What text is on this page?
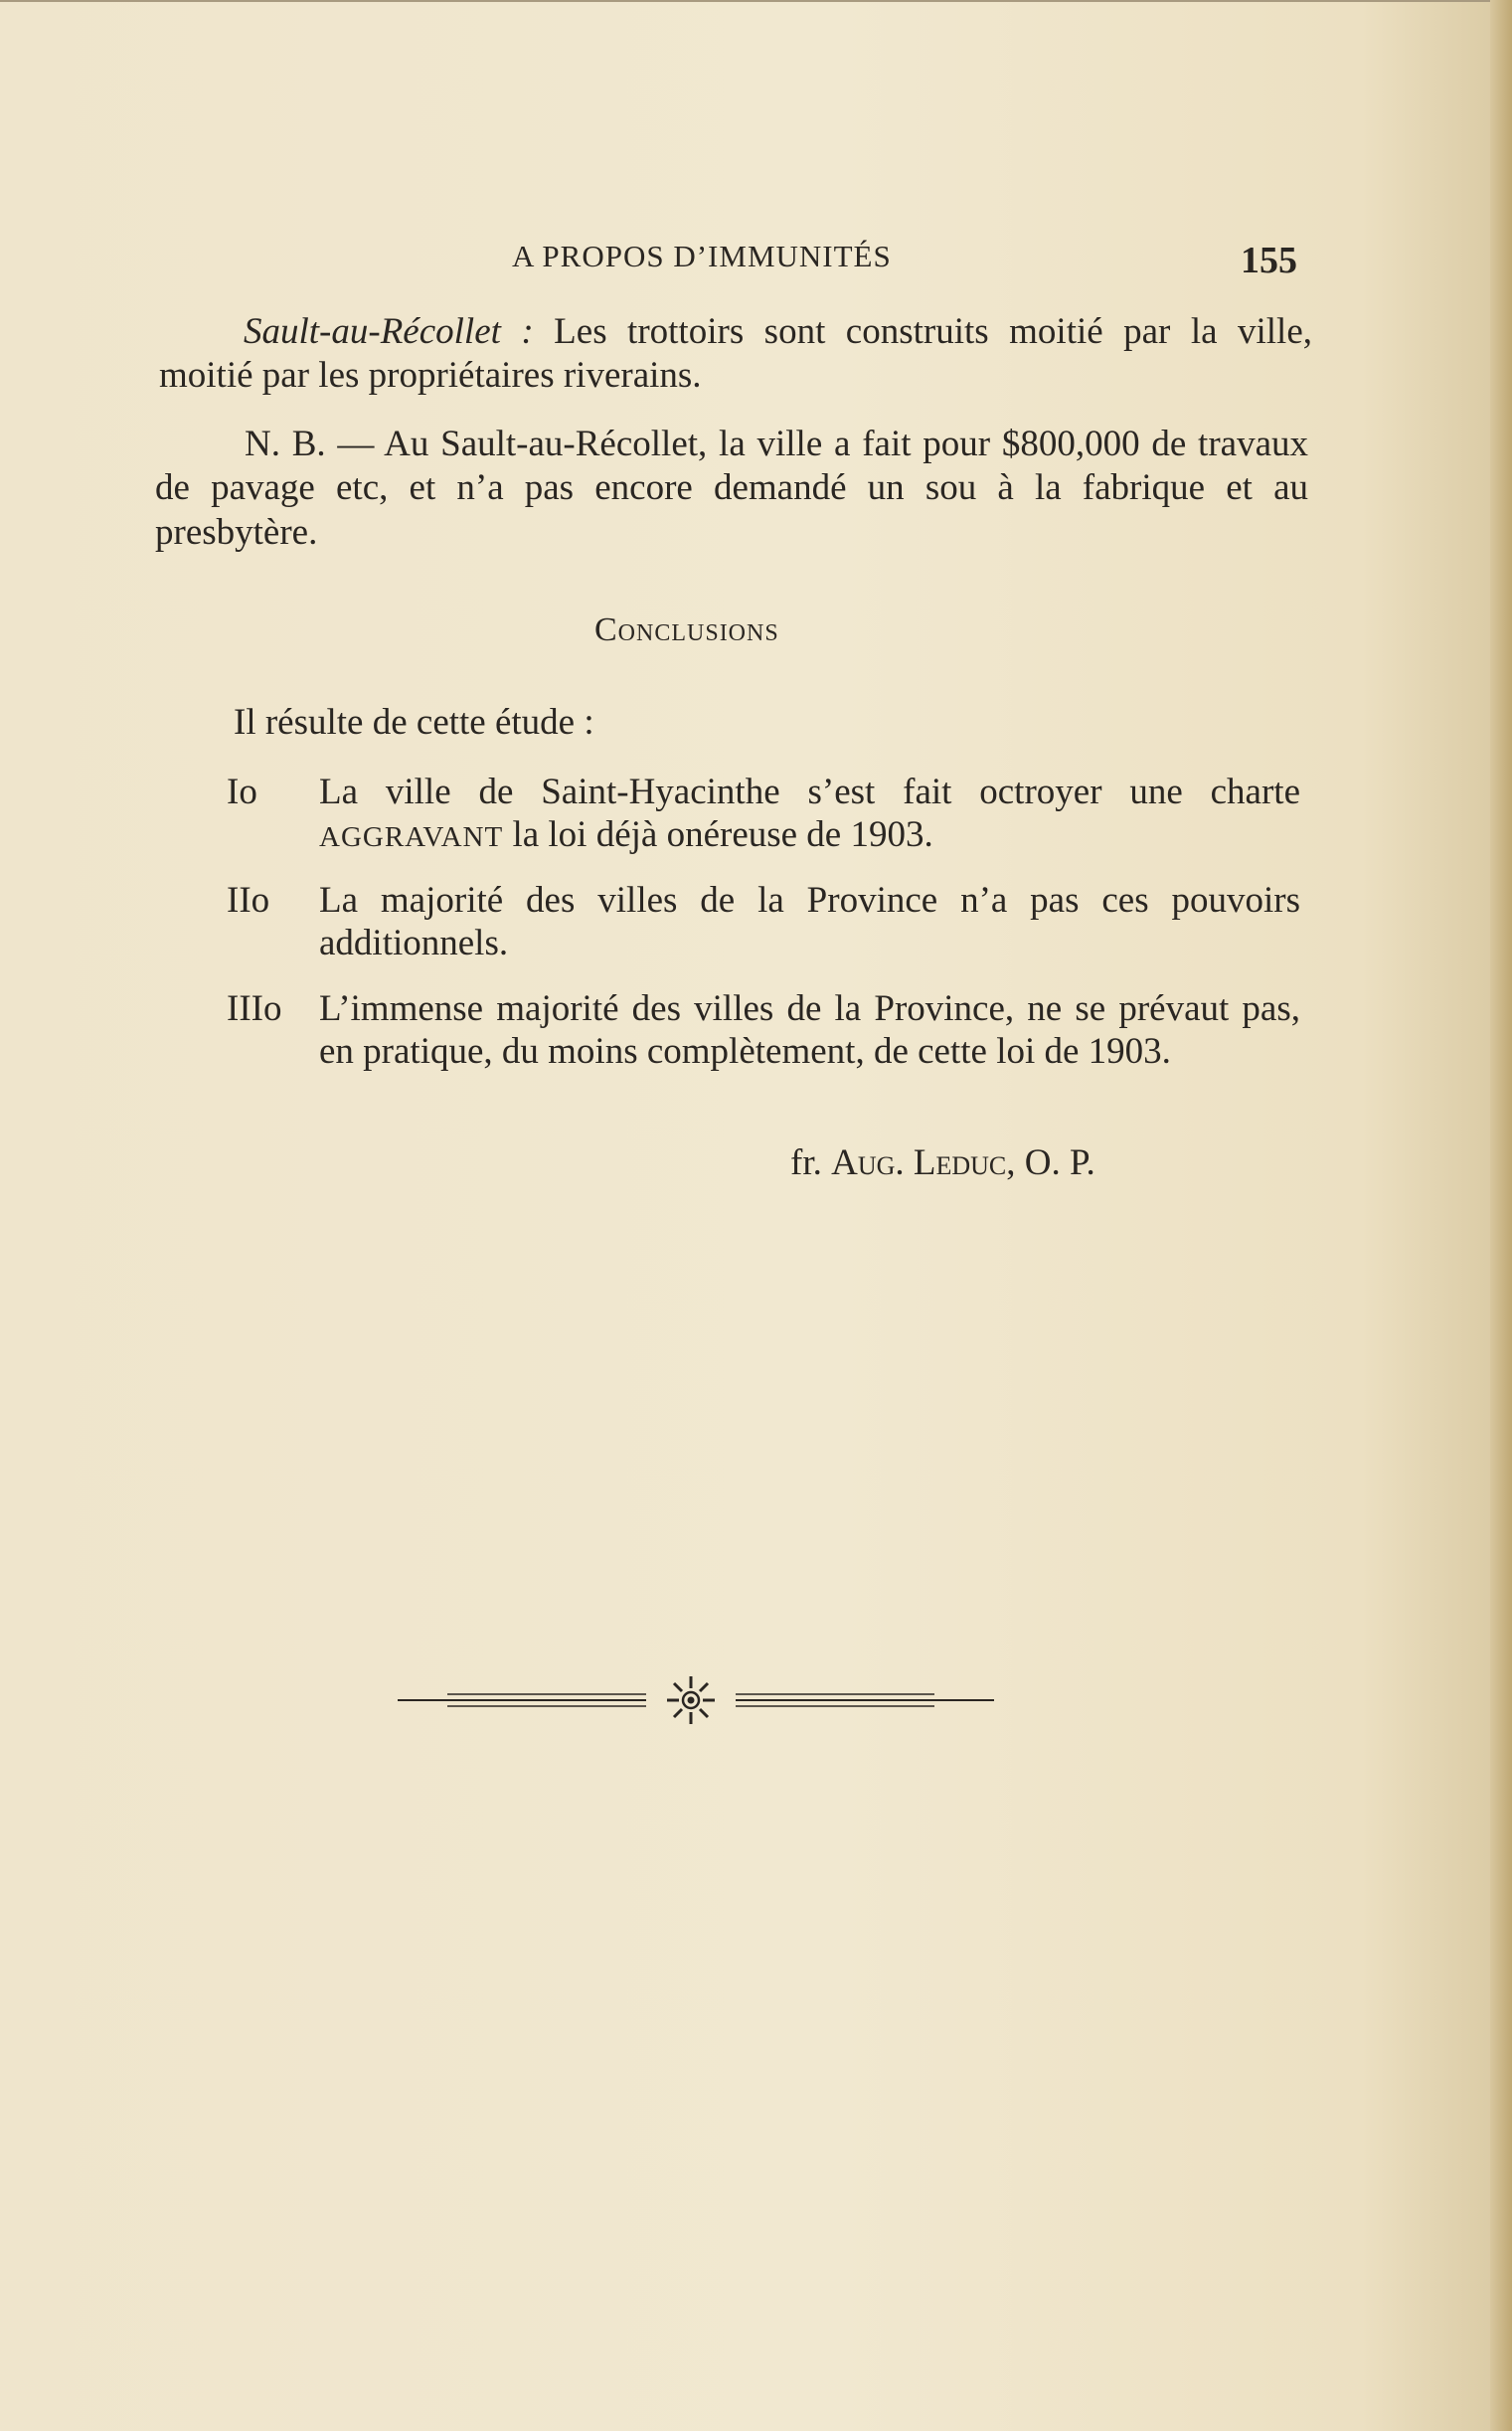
A PROPOS D’IMMUNITÉS	155
Sault-au-Récollet : Les trottoirs sont construits moitié par la ville, moitié par les propriétaires riverains.
N. B. — Au Sault-au-Récollet, la ville a fait pour $800,000 de travaux de pavage etc, et n’a pas encore demandé un sou à la fabrique et au presbytère.
Conclusions
Il résulte de cette étude :
Io La ville de Saint-Hyacinthe s’est fait octroyer une charte AGGRAVANT la loi déjà onéreuse de 1903.
IIo La majorité des villes de la Province n’a pas ces pouvoirs additionnels.
IIIo L’immense majorité des villes de la Province, ne se prévaut pas, en pratique, du moins complètement, de cette loi de 1903.
fr. Aug. Leduc, O. P.
